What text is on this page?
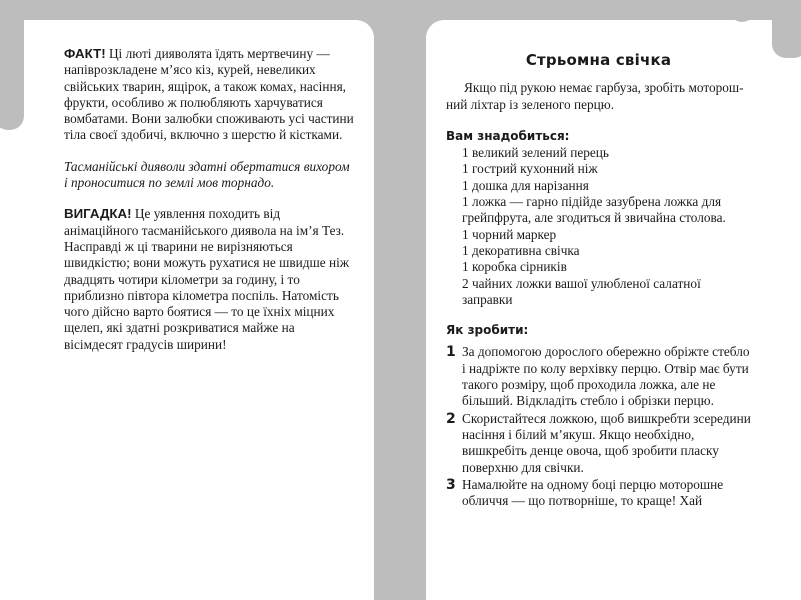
ФАКТ! Ці люті дияволята їдять мертвечину — напіврозкладене м’ясо кіз, курей, невеликих свійських тварин, ящірок, а також комах, насіння, фрукти, особливо ж полюбляють харчуватися вомбатами. Вони залюбки споживають усі частини тіла своєї здобичі, включно з шерстю й кістками.

Тасманійські диявoли здатні обертатися вихором і проноситися по землі мов торнадо.

ВИГАДКА! Це уявлення походить від анімаційного тасманійського диявола на ім’я Тез. Насправді ж ці тварини не вирізняються швидкістю; вони можуть рухатися не швидше ніж двадцять чотири кілометри за годину, і то приблизно півтора кілометра поспіль. Натомість чого дійсно варто боятися — то це їхніх міцних щелеп, які здатні розкриватися майже на вісімдесят градусів ширини!

Стрьомна свічка

Якщо під рукою немає гарбуза, зробіть моторошний ліхтар із зеленого перцю.

Вам знадобиться:
1 великий зелений перець
1 гострий кухонний ніж
1 дошка для нарізання
1 ложка — гарно підійде зазубрена ложка для грейпфрута, але згодиться й звичайна столова.
1 чорний маркер
1 декоративна свічка
1 коробка сірників
2 чайних ложки вашої улюбленої салатної заправки
Як зробити:
1 За допомогою дорослого обережно обріжте стебло і надріжте по колу верхівку перцю. Отвір має бути такого розміру, щоб проходила ложка, але не більший. Відкладіть стебло і обрізки перцю.
2 Скористайтеся ложкою, щоб вишкребти зсередини насіння і білий м’якуш. Якщо необхідно, вишкребіть денце овоча, щоб зробити пласку поверхню для свічки.
3 Намалюйте на одному боці перцю моторошне обличчя — що потворніше, то краще! Хай
